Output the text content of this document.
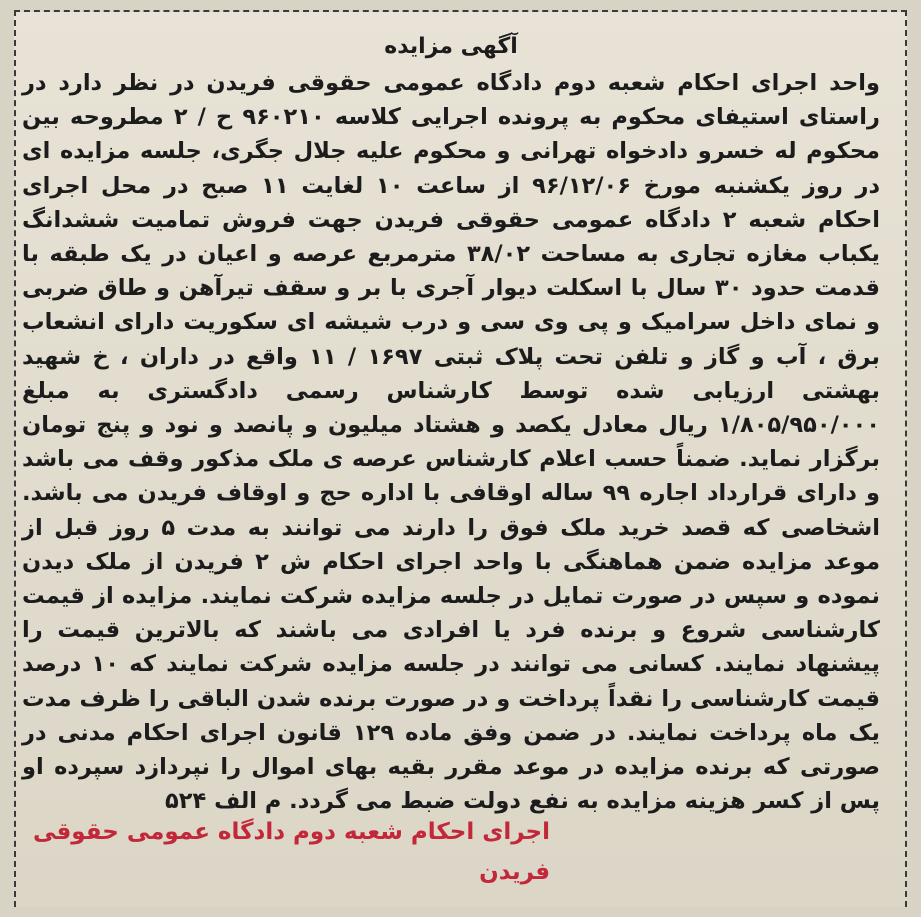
آگهی مزایده

واحد اجرای احکام شعبه دوم دادگاه عمومی حقوقی فریدن در نظر دارد در راستای استیفای محکوم به پرونده اجرایی کلاسه ۹۶۰۲۱۰ ح / ۲ مطروحه بین محکوم له خسرو دادخواه تهرانی و محکوم علیه جلال جگری، جلسه مزایده ای در روز یکشنبه مورخ ۹۶/۱۲/۰۶ از ساعت ۱۰ لغایت ۱۱ صبح در محل اجرای احکام شعبه ۲ دادگاه عمومی حقوقی فریدن جهت فروش تمامیت ششدانگ یکباب مغازه تجاری به مساحت ۳۸/۰۲ مترمربع عرصه و اعیان در یک طبقه با قدمت حدود ۳۰ سال با اسکلت دیوار آجری با بر و سقف تیرآهن و طاق ضربی و نمای داخل سرامیک و پی وی سی و درب شیشه ای سکوریت دارای انشعاب برق ، آب و گاز و تلفن تحت پلاک ثبتی ۱۶۹۷ / ۱۱ واقع در داران ، خ شهید بهشتی ارزیابی شده توسط کارشناس رسمی دادگستری به مبلغ ۱/۸۰۵/۹۵۰/۰۰۰ ریال معادل یکصد و هشتاد میلیون و پانصد و نود و پنج تومان برگزار نماید. ضمناً حسب اعلام کارشناس عرصه ی ملک مذکور وقف می باشد و دارای قرارداد اجاره ۹۹ ساله اوقافی با اداره حج و اوقاف فریدن می باشد. اشخاصی که قصد خرید ملک فوق را دارند می توانند به مدت ۵ روز قبل از موعد مزایده ضمن هماهنگی با واحد اجرای احکام ش ۲ فریدن از ملک دیدن نموده و سپس در صورت تمایل در جلسه مزایده شرکت نمایند. مزایده از قیمت کارشناسی شروع و برنده فرد یا افرادی می باشند که بالاترین قیمت را پیشنهاد نمایند. کسانی می توانند در جلسه مزایده شرکت نمایند که ۱۰ درصد قیمت کارشناسی را نقداً پرداخت و در صورت برنده شدن الباقی را ظرف مدت یک ماه پرداخت نمایند. در ضمن وفق ماده ۱۲۹ قانون اجرای احکام مدنی در صورتی که برنده مزایده در موعد مقرر بقیه بهای اموال را نپردازد سپرده او پس از کسر هزینه مزایده به نفع دولت ضبط می گردد. م الف ۵۲۴

اجرای احکام شعبه دوم دادگاه عمومی حقوقی فریدن
